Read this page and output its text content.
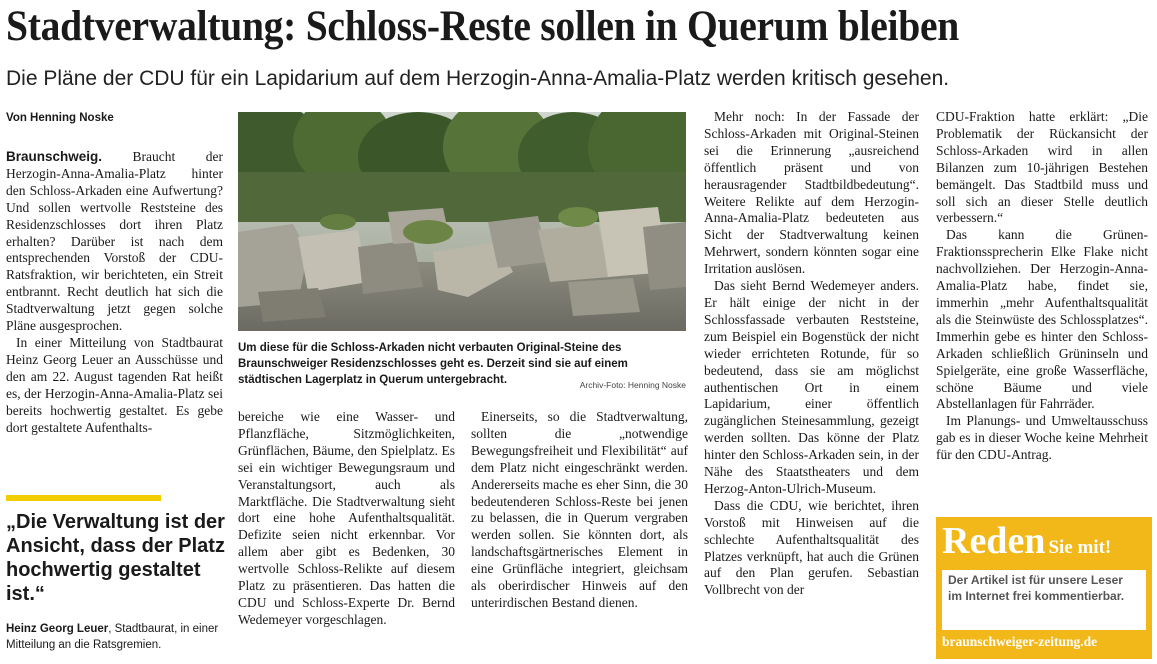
Stadtverwaltung: Schloss-Reste sollen in Querum bleiben
Die Pläne der CDU für ein Lapidarium auf dem Herzogin-Anna-Amalia-Platz werden kritisch gesehen.
Von Henning Noske

Braunschweig. Braucht der Herzogin-Anna-Amalia-Platz hinter den Schloss-Arkaden eine Aufwertung? Und sollen wertvolle Reststeine des Residenzschlosses dort ihren Platz erhalten? Darüber ist nach dem entsprechenden Vorstoß der CDU-Ratsfraktion, wir berichteten, ein Streit entbrannt. Recht deutlich hat sich die Stadtverwaltung jetzt gegen solche Pläne ausgesprochen.

In einer Mitteilung von Stadtbaurat Heinz Georg Leuer an Ausschüsse und den am 22. August tagenden Rat heißt es, der Herzogin-Anna-Amalia-Platz sei bereits hochwertig gestaltet. Es gebe dort gestaltete Aufenthalts-

Um diese für die Schloss-Arkaden nicht verbauten Original-Steine des Braunschweiger Residenzschlosses geht es. Derzeit sind sie auf einem städtischen Lagerplatz in Querum untergebracht.	Archiv-Foto: Henning Noske

bereiche wie eine Wasser- und Pflanzfläche, Sitzmöglichkeiten, Grünflächen, Bäume, den Spielplatz. Es sei ein wichtiger Bewegungsraum und Veranstaltungsort, auch als Marktfläche. Die Stadtverwaltung sieht dort eine hohe Aufenthaltsqualität. Defizite seien nicht erkennbar. Vor allem aber gibt es Bedenken, 30 wertvolle Schloss-Relikte auf diesem Platz zu präsentieren. Das hatten die CDU und Schloss-Experte Dr. Bernd Wedemeyer vorgeschlagen.

Einerseits, so die Stadtverwaltung, sollten die „notwendige Bewegungsfreiheit und Flexibilität“ auf dem Platz nicht eingeschränkt werden. Andererseits mache es eher Sinn, die 30 bedeutenderen Schloss-Reste bei jenen zu belassen, die in Querum vergraben werden sollen. Sie könnten dort, als landschaftsgärtnerisches Element in eine Grünfläche integriert, gleichsam als oberirdischer Hinweis auf den unterirdischen Bestand dienen.

Mehr noch: In der Fassade der Schloss-Arkaden mit Original-Steinen sei die Erinnerung „ausreichend öffentlich präsent und von herausragender Stadtbildbedeutung“. Weitere Relikte auf dem Herzogin-Anna-Amalia-Platz bedeuteten aus Sicht der Stadtverwaltung keinen Mehrwert, sondern könnten sogar eine Irritation auslösen.

Das sieht Bernd Wedemeyer anders. Er hält einige der nicht in der Schlossfassade verbauten Reststeine, zum Beispiel ein Bogenstück der nicht wieder errichteten Rotunde, für so bedeutend, dass sie am möglichst authentischen Ort in einem Lapidarium, einer öffentlich zugänglichen Steinesammlung, gezeigt werden sollten. Das könne der Platz hinter den Schloss-Arkaden sein, in der Nähe des Staatstheaters und dem Herzog-Anton-Ulrich-Museum.

Dass die CDU, wie berichtet, ihren Vorstoß mit Hinweisen auf die schlechte Aufenthaltsqualität des Platzes verknüpft, hat auch die Grünen auf den Plan gerufen. Sebastian Vollbrecht von der

CDU-Fraktion hatte erklärt: „Die Problematik der Rückansicht der Schloss-Arkaden wird in allen Bilanzen zum 10-jährigen Bestehen bemängelt. Das Stadtbild muss und soll sich an dieser Stelle deutlich verbessern.“

Das kann die Grünen-Fraktionssprecherin Elke Flake nicht nachvollziehen. Der Herzogin-Anna-Amalia-Platz habe, findet sie, immerhin „mehr Aufenthaltsqualität als die Steinwüste des Schlossplatzes“. Immerhin gebe es hinter den Schloss-Arkaden schließlich Grüninseln und Spielgeräte, eine große Wasserfläche, schöne Bäume und viele Abstellanlagen für Fahrräder.

Im Planungs- und Umweltausschuss gab es in dieser Woche keine Mehrheit für den CDU-Antrag.

„Die Verwaltung ist der Ansicht, dass der Platz hochwertig gestaltet ist.“
Heinz Georg Leuer, Stadtbaurat, in einer Mitteilung an die Ratsgremien.
Reden Sie mit!
Der Artikel ist für unsere Leser im Internet frei kommentierbar.
braunschweiger-zeitung.de
